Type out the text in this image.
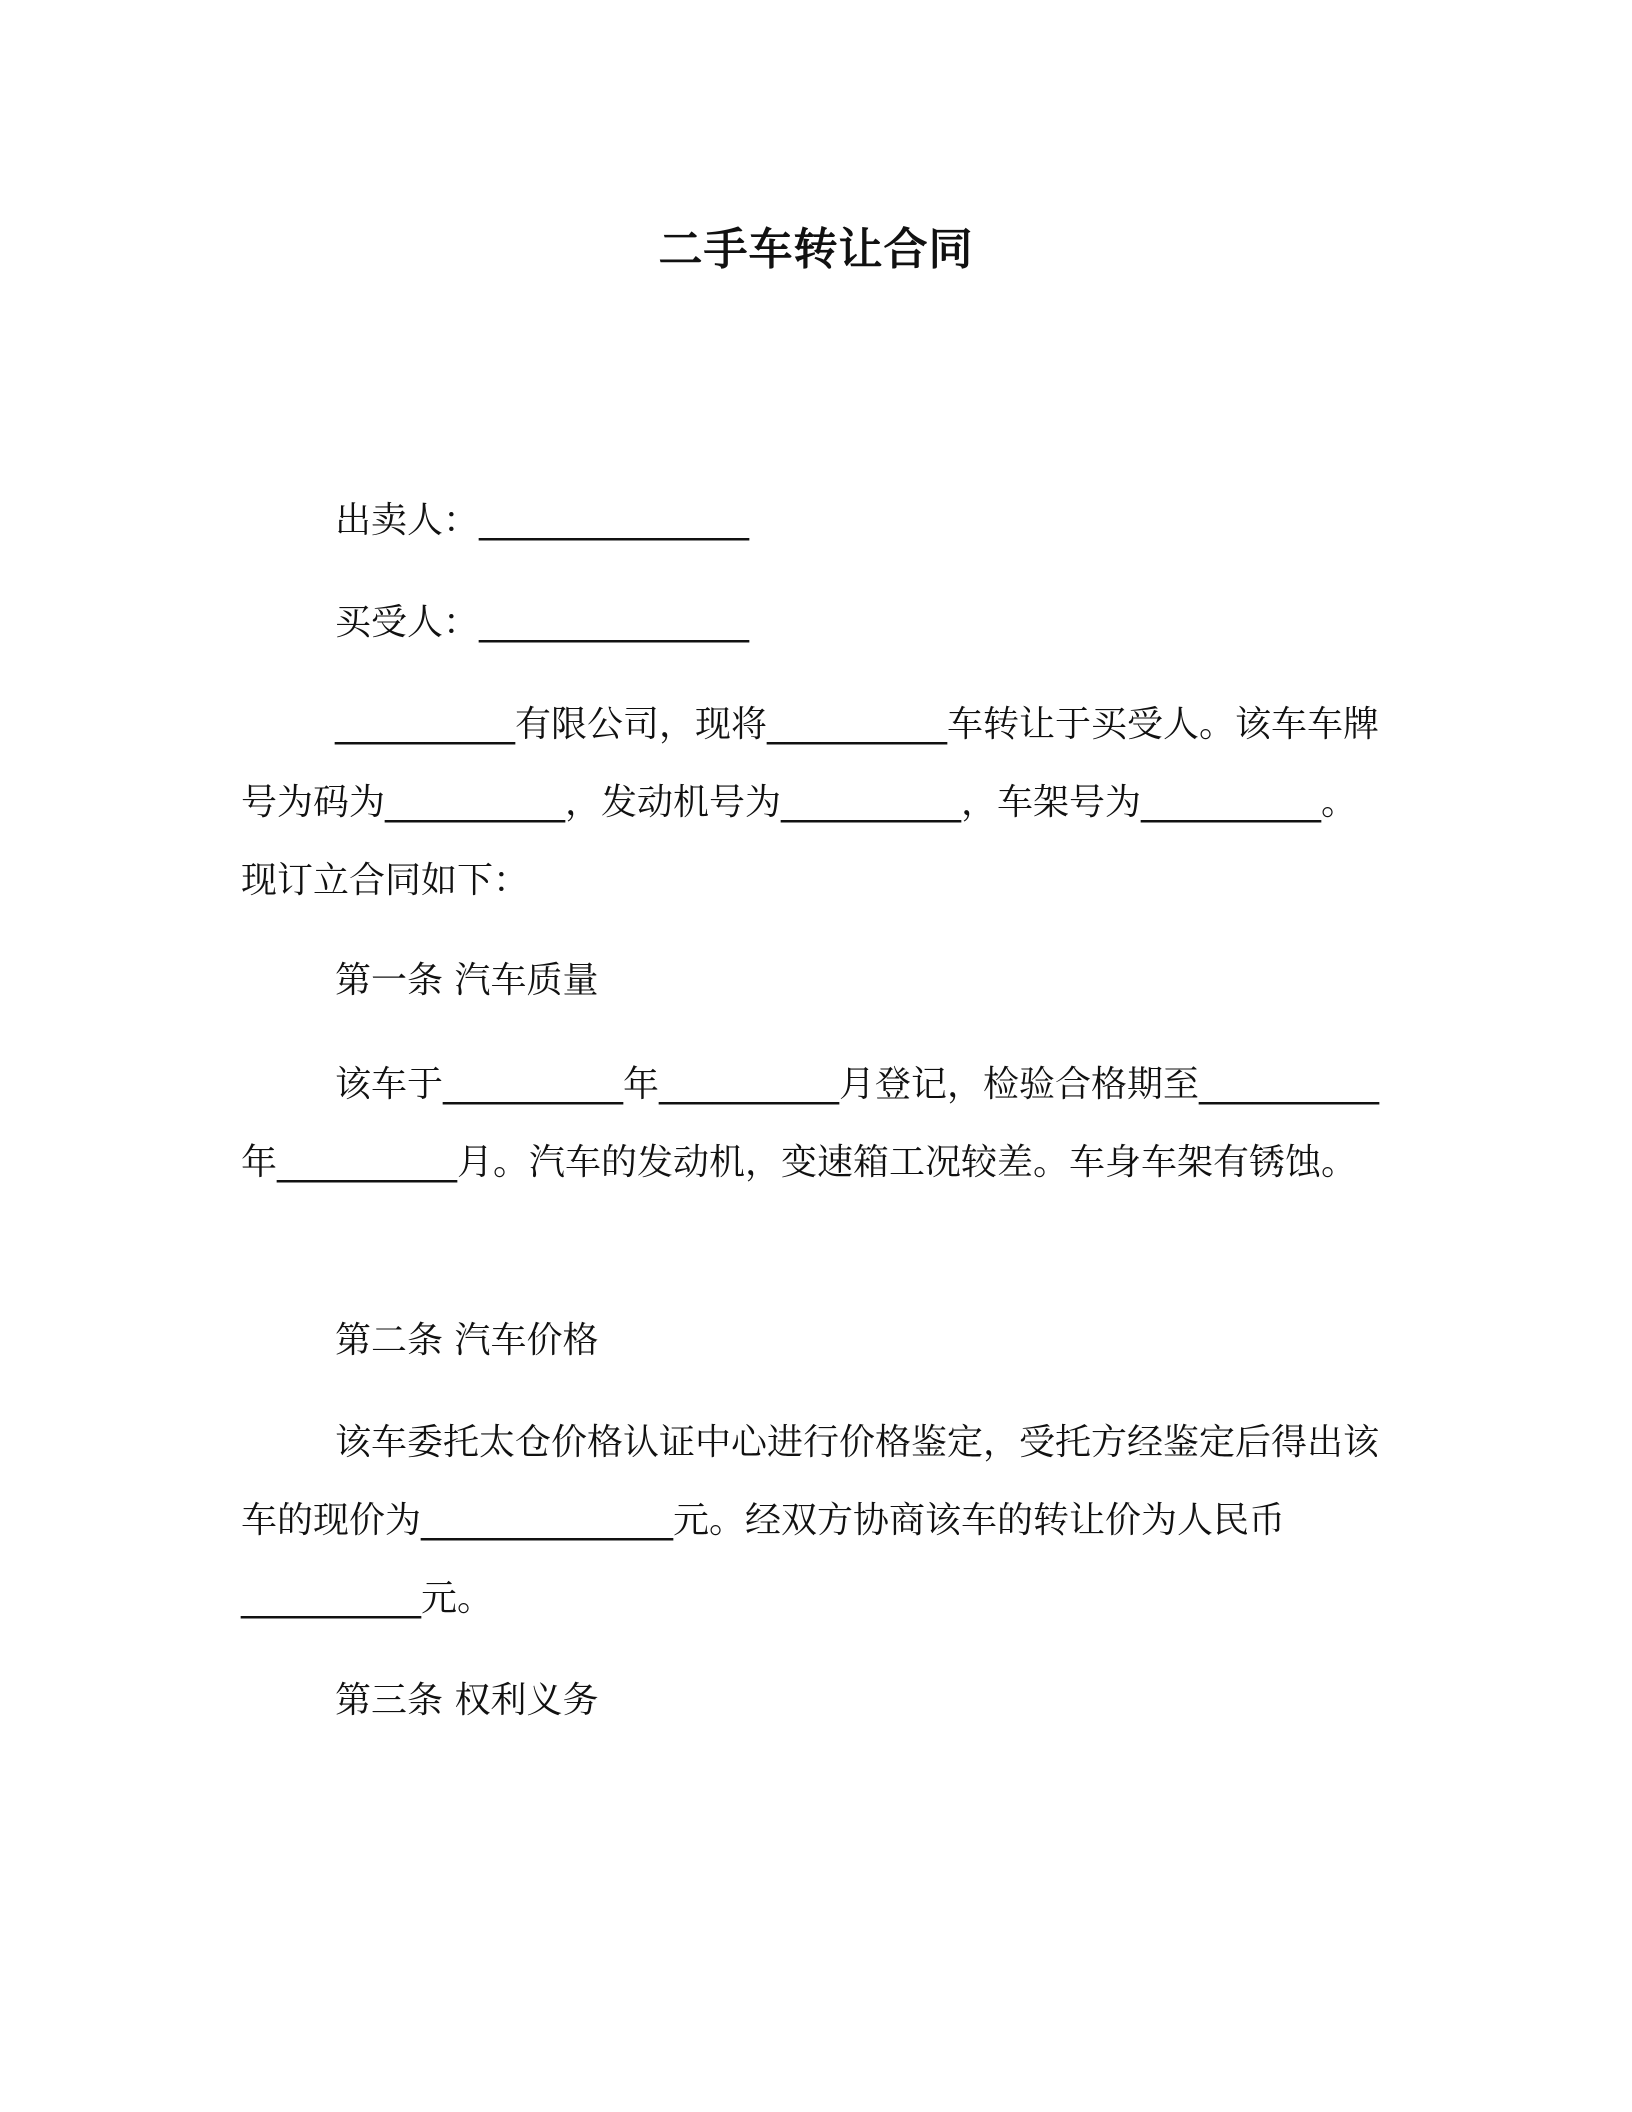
二手车转让合同
出卖人：_______________
买受人：_______________

__________有限公司，现将__________车转让于买受人。该车车牌号为码为__________，发动机号为__________，车架号为__________。现订立合同如下：

第一条 汽车质量

该车于__________年__________月登记，检验合格期至__________年__________月。汽车的发动机，变速箱工况较差。车身车架有锈蚀。

第二条 汽车价格

该车委托太仓价格认证中心进行价格鉴定，受托方经鉴定后得出该车的现价为______________元。经双方协商该车的转让价为人民币__________元。

第三条 权利义务
